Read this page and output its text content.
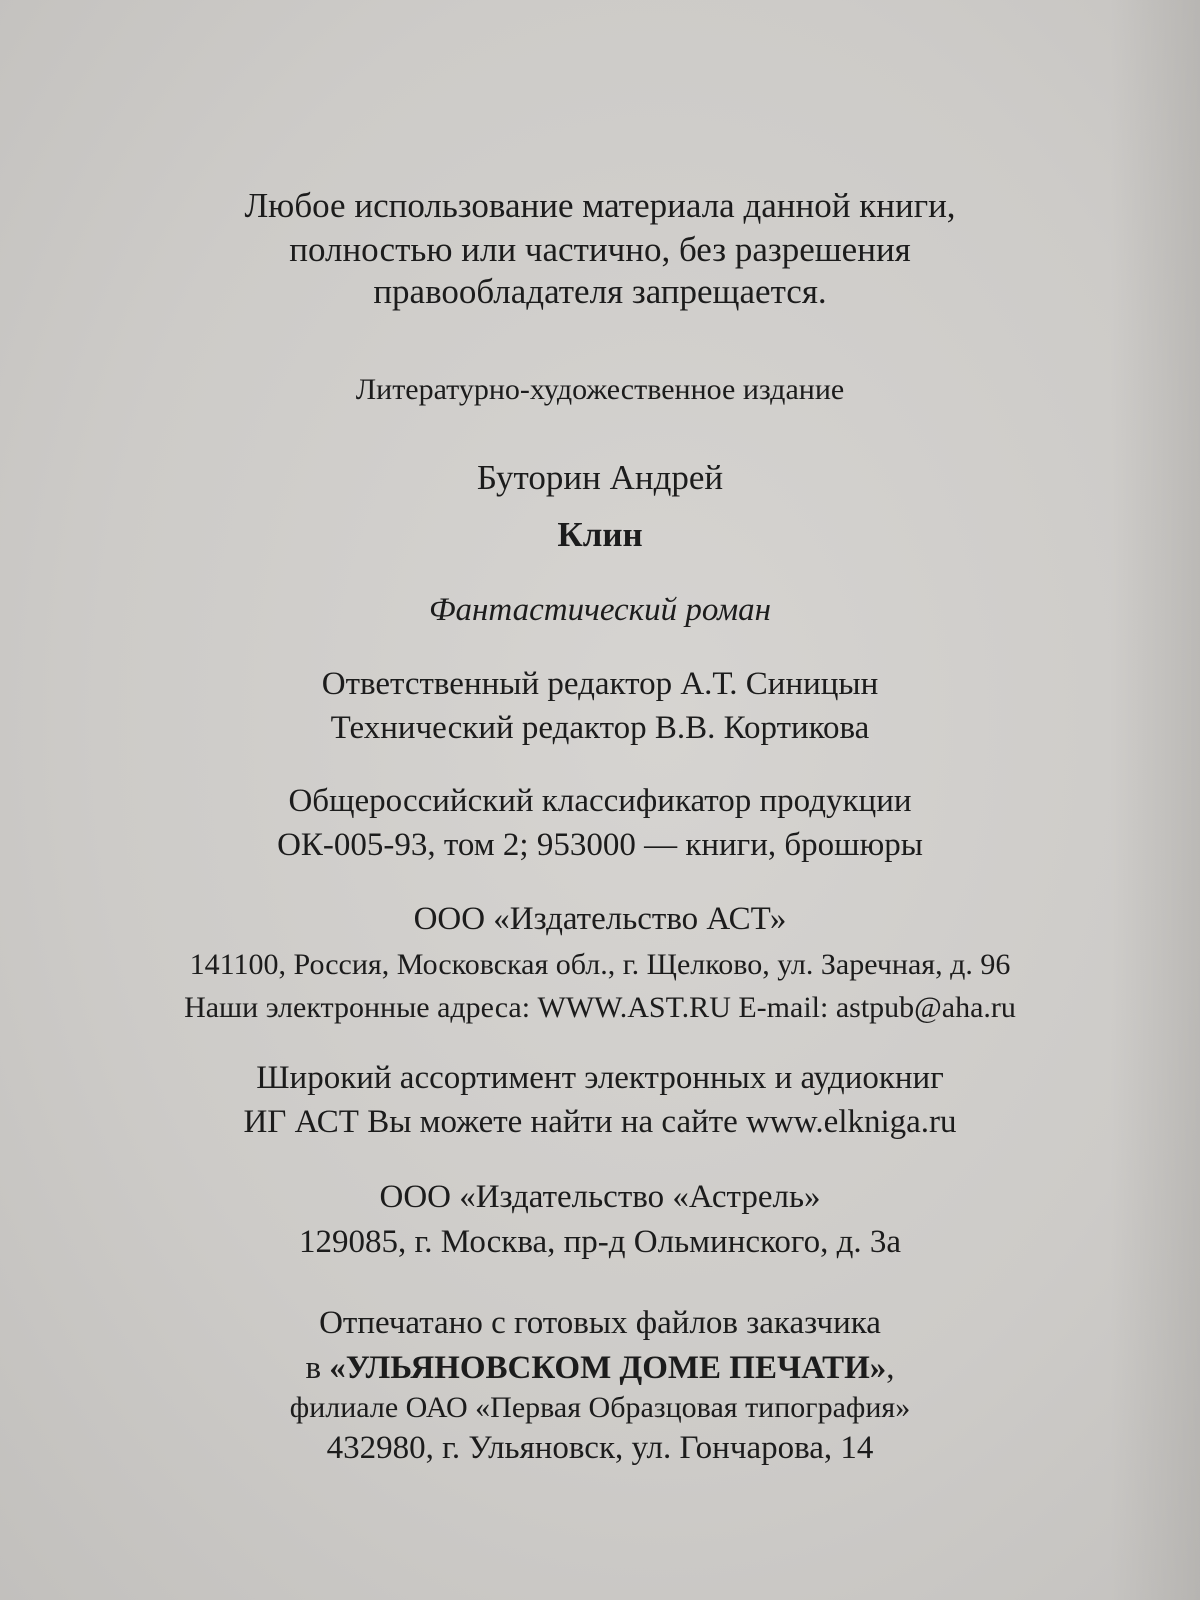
Любое использование материала данной книги,
полностью или частично, без разрешения
правообладателя запрещается.
Литературно-художественное издание
Буторин Андрей
Клин
Фантастический роман
Ответственный редактор А.Т. Синицын
Технический редактор В.В. Кортикова
Общероссийский классификатор продукции
ОК-005-93, том 2; 953000 — книги, брошюры
ООО «Издательство АСТ»
141100, Россия, Московская обл., г. Щелково, ул. Заречная, д. 96
Наши электронные адреса: WWW.AST.RU E-mail: astpub@aha.ru
Широкий ассортимент электронных и аудиокниг
ИГ АСТ Вы можете найти на сайте www.elkniga.ru
ООО «Издательство «Астрель»
129085, г. Москва, пр-д Ольминского, д. 3а
Отпечатано с готовых файлов заказчика
в «УЛЬЯНОВСКОМ ДОМЕ ПЕЧАТИ»,
филиале ОАО «Первая Образцовая типография»
432980, г. Ульяновск, ул. Гончарова, 14
